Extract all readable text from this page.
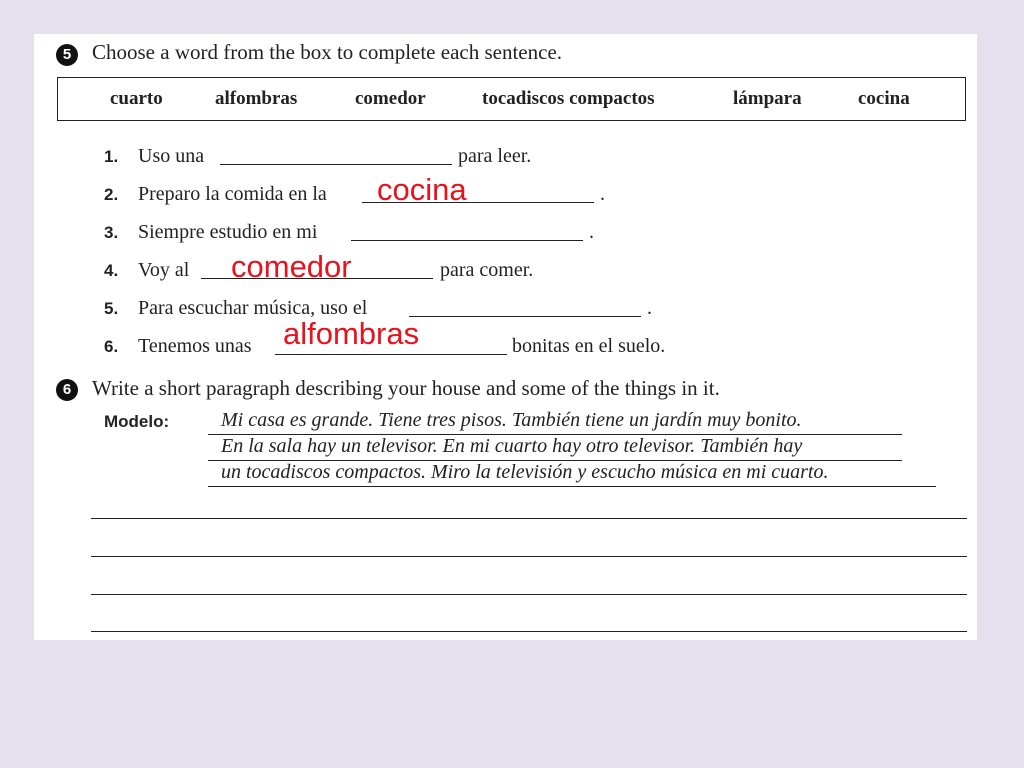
5 Choose a word from the box to complete each sentence.
cuarto	alfombras	comedor	tocadiscos compactos	lámpara	cocina
1. Uso una	para leer.
2. Preparo la comida en la	.
cocina
3. Siempre estudio en mi	.
4. Voy al	para comer.
comedor
5. Para escuchar música, uso el	.
6. Tenemos unas	bonitas en el suelo.
alfombras
6 Write a short paragraph describing your house and some of the things in it.
Modelo:	Mi casa es grande. Tiene tres pisos. También tiene un jardín muy bonito.
En la sala hay un televisor. En mi cuarto hay otro televisor. También hay
un tocadiscos compactos. Miro la televisión y escucho música en mi cuarto.
